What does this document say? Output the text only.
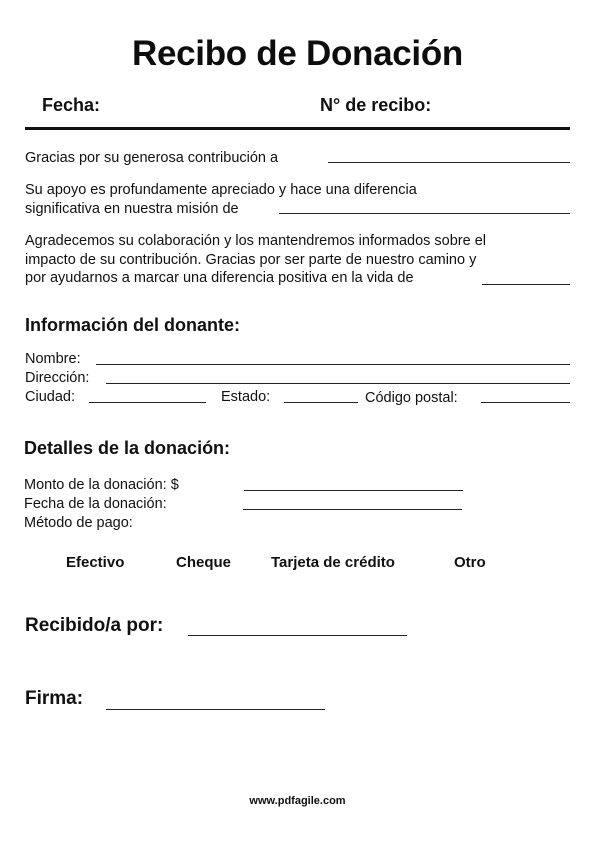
Recibo de Donación
Fecha:	N° de recibo:
Gracias por su generosa contribución a
Su apoyo es profundamente apreciado y hace una diferencia
significativa en nuestra misión de
Agradecemos su colaboración y los mantendremos informados sobre el
impacto de su contribución. Gracias por ser parte de nuestro camino y
por ayudarnos a marcar una diferencia positiva en la vida de
Información del donante:
Nombre:
Dirección:
Ciudad:	Estado:	Código postal:
Detalles de la donación:
Monto de la donación: $
Fecha de la donación:
Método de pago:
Efectivo	Cheque	Tarjeta de crédito	Otro
Recibido/a por:
Firma:
www.pdfagile.com
